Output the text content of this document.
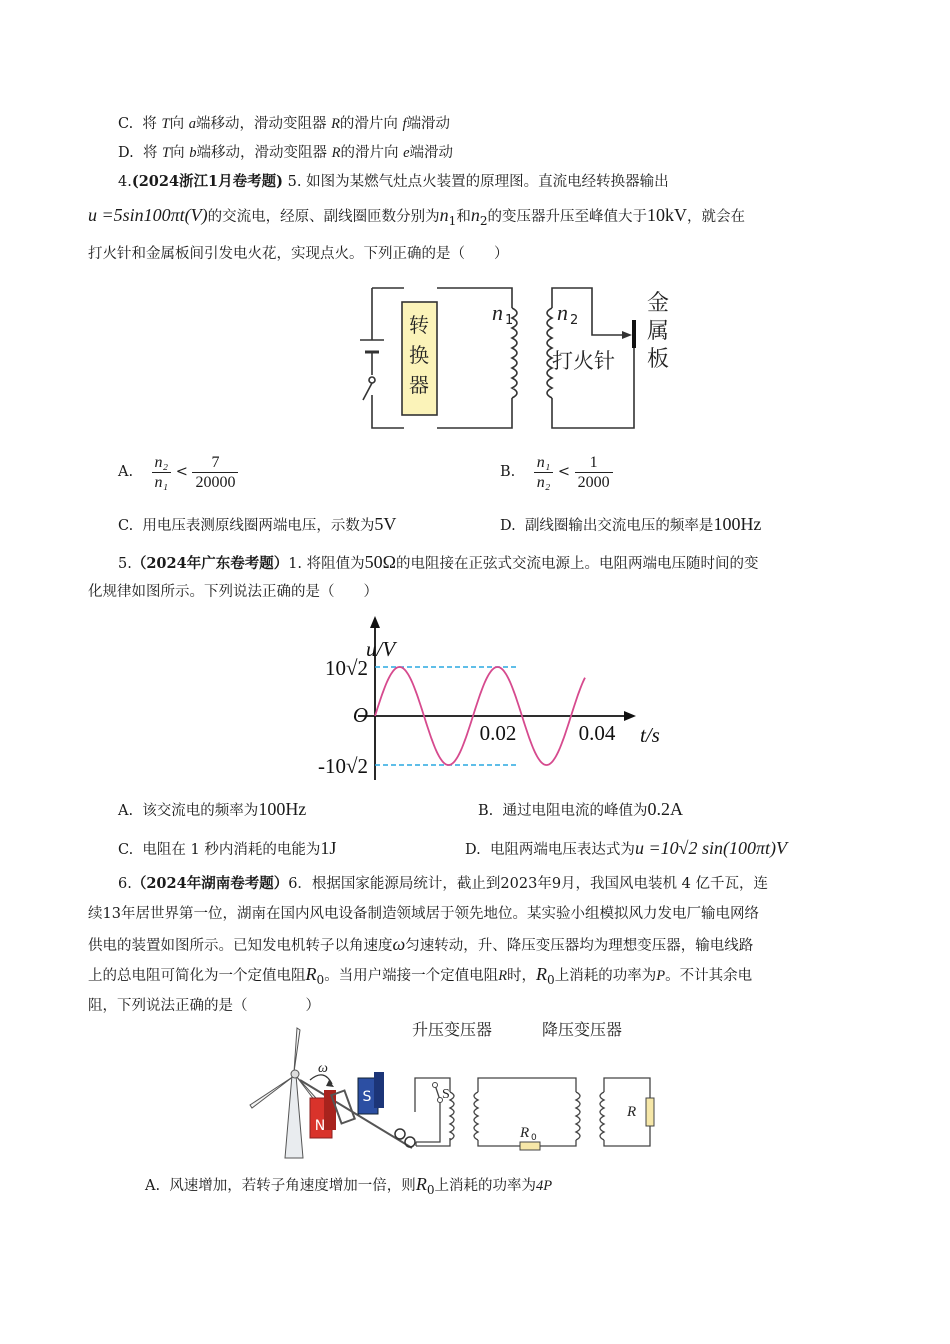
C. 将 T向 a端移动，滑动变阻器 R的滑片向 f端滑动
D. 将 T向 b端移动，滑动变阻器 R的滑片向 e端滑动
4.(2024浙江1月卷考题) 5. 如图为某燃气灶点火装置的原理图。直流电经转换器输出
u =5sin100πt(V)的交流电，经原、副线圈匝数分别为$n_1$和$n_2$的变压器升压至峰值大于10kV，就会在
打火针和金属板间引发电火花，实现点火。下列正确的是（　　）
转
换
器
n 1 n 2
打火针
金
属
板
A. $\frac{\text{n₂}}{\text{n₁}} < \frac{7}{20000}$	B. $\frac{\text{n₁}}{\text{n₂}} < \frac{1}{2000}$
C. 用电压表测原线圈两端电压，示数为5V	D. 副线圈输出交流电压的频率是100Hz
5.（2024年广东卷考题）1. 将阻值为50Ω的电阻接在正弦式交流电源上。电阻两端电压随时间的变
化规律如图所示。下列说法正确的是（　　）
u/V
t/s
10√2
-10√2
O
0.02	0.04
A. 该交流电的频率为100Hz	B. 通过电阻电流的峰值为0.2A
C. 电阻在 1 秒内消耗的电能为1J	D. 电阻两端电压表达式为u =10√2 sin(100πt)V
6.（2024年湖南卷考题）6．根据国家能源局统计，截止到2023年9月，我国风电装机 4 亿千瓦，连
续13年居世界第一位，湖南在国内风电设备制造领域居于领先地位。某实验小组模拟风力发电厂输电网络
供电的装置如图所示。已知发电机转子以角速度ω匀速转动，升、降压变压器均为理想变压器，输电线路
上的总电阻可简化为一个定值电阻$R_0$。当用户端接一个定值电阻R时，$R_0$上消耗的功率为P。不计其余电
阻，下列说法正确的是（　　　　）
N
S
ω
升压变压器	降压变压器
S
R
R 0
A. 风速增加，若转子角速度增加一倍，则$R_0$上消耗的功率为4P
